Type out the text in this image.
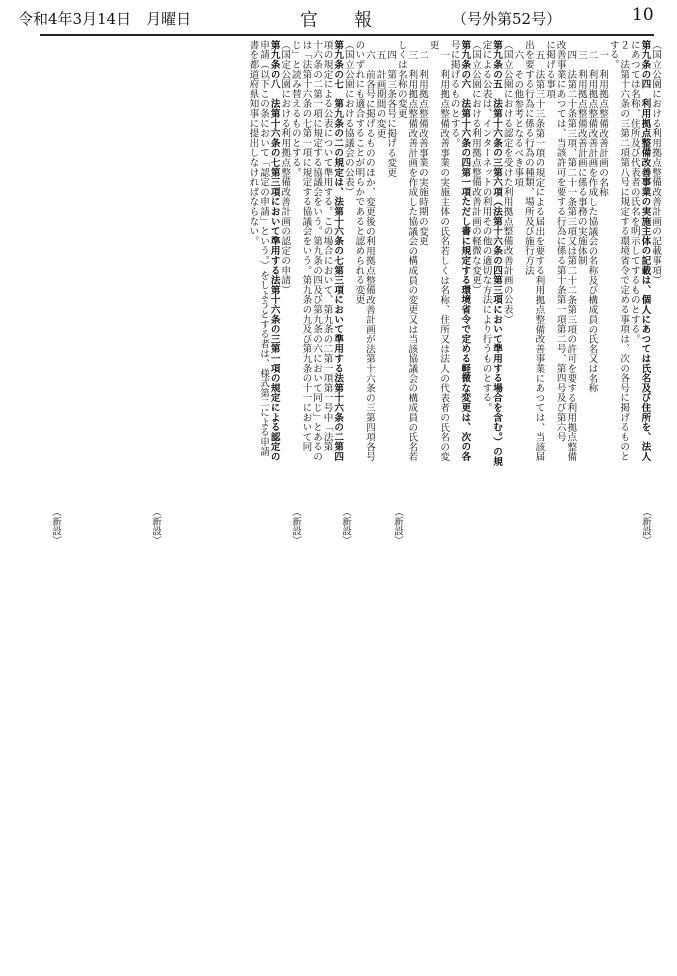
令和4年3月14日　月曜日	官　　報	（号外第52号）	10
（国立公園における利用拠点整備改善計画の記載事項）
第九条の四　利用拠点整備改善事業の実施主体の記載は、個人にあつては氏名及び住所を、法人
にあつては名称、住所及び代表者の氏名を明示してするものとする。
２　法第十六条の三第二項第八号に規定する環境省令で定める事項は、次の各号に掲げるものと
する。
一　利用拠点整備改善計画の名称
二　利用拠点整備改善計画を作成した協議会の名称及び構成員の氏名又は名称
三　利用拠点整備改善計画に係る事務の実施体制
四　法第二十条第三項、第二十一条第三項又は第二十二条第三項の許可を要する利用拠点整備
改善事業にあつては、当該許可を要する行為に係る第十条第一項第二号、第四号及び第六号
に掲げる事項
五　法第三十三条第一項の規定による届出を要する利用拠点整備改善事業にあつては、当該届
出を要する行為に係る行為の種類、場所及び施行方法
六　その他参考となるべき事項
（国立公園における認定を受けた利用拠点整備改善計画の公表）
第九条の五　法第十六条の三第六項（法第十六条の四第三項において準用する場合を含む。）の規
定による公表は、インターネットの利用その他の適切な方法により行うものとする。
（国立公園における利用拠点整備改善計画の軽微な変更）
第九条の六　法第十六条の四第一項ただし書に規定する環境省令で定める軽微な変更は、次の各
号に掲げるものとする。
一　利用拠点整備改善事業の実施主体の氏名若しくは名称、住所又は法人の代表者の氏名の変
更
二　利用拠点整備改善事業の実施時期の変更
三　利用拠点整備改善計画を作成した協議会の構成員の変更又は当該協議会の構成員の氏名若
しくは名称の変更
四　第三条各号に掲げる変更
五　計画期間の変更
六　前各号に掲げるもののほか、変更後の利用拠点整備改善計画が法第十六条の三第四項各号
のいずれにも適合することが明らかであると認められる変更
（国立公園における協議会の公表）
第九条の七　第九条の二の規定は、法第十六条の七第三項において準用する法第十六条の二第四
項の規定による公表について準用する。この場合において、第九条の二第一項第一号中「法第
十六条の二第一項に規定する協議会をいう。第九条の四及び第九条の六において同じ」とあるの
は「法第十六条の七第一項に規定する協議会をいう。第九条の九及び第九条の十一において同
じ」と読み替えるものとする。
（国定公園における利用拠点整備改善計画の認定の申請）
第九条の八　法第十六条の七第三項において準用する法第十六条の三第一項の規定による認定の
申請（以下この条において「認定の申請」という。）をしようとする者は、様式第二による申請
書を都道府県知事に提出しなければならない。
（新設）
（新設）
（新設）
（新設）
（新設）
（新設）
